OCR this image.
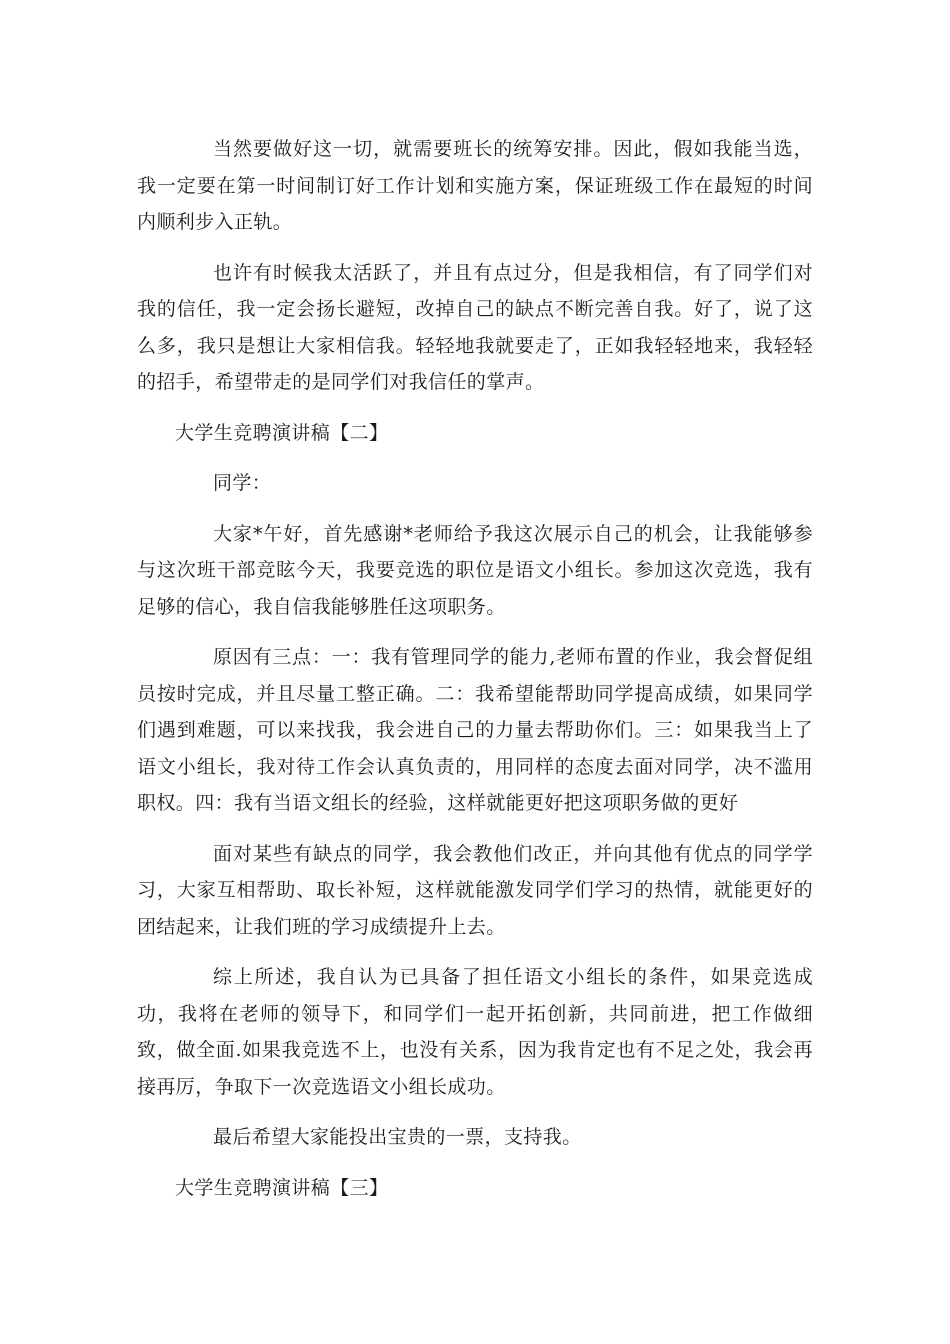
当然要做好这一切，就需要班长的统筹安排。因此，假如我能当选，我一定要在第一时间制订好工作计划和实施方案，保证班级工作在最短的时间内顺利步入正轨。

也许有时候我太活跃了，并且有点过分，但是我相信，有了同学们对我的信任，我一定会扬长避短，改掉自己的缺点不断完善自我。好了，说了这么多，我只是想让大家相信我。轻轻地我就要走了，正如我轻轻地来，我轻轻的招手，希望带走的是同学们对我信任的掌声。

大学生竞聘演讲稿【二】

同学：

大家*午好，首先感谢*老师给予我这次展示自己的机会，让我能够参与这次班干部竞眩今天，我要竞选的职位是语文小组长。参加这次竞选，我有足够的信心，我自信我能够胜任这项职务。

原因有三点：一：我有管理同学的能力,老师布置的作业，我会督促组员按时完成，并且尽量工整正确。二：我希望能帮助同学提高成绩，如果同学们遇到难题，可以来找我，我会进自己的力量去帮助你们。三：如果我当上了语文小组长，我对待工作会认真负责的，用同样的态度去面对同学，决不滥用职权。四：我有当语文组长的经验，这样就能更好把这项职务做的更好

面对某些有缺点的同学，我会教他们改正，并向其他有优点的同学学习，大家互相帮助、取长补短，这样就能激发同学们学习的热情，就能更好的团结起来，让我们班的学习成绩提升上去。

综上所述，我自认为已具备了担任语文小组长的条件，如果竞选成功，我将在老师的领导下，和同学们一起开拓创新，共同前进，把工作做细致，做全面.如果我竞选不上，也没有关系，因为我肯定也有不足之处，我会再接再厉，争取下一次竞选语文小组长成功。

最后希望大家能投出宝贵的一票，支持我。

大学生竞聘演讲稿【三】
